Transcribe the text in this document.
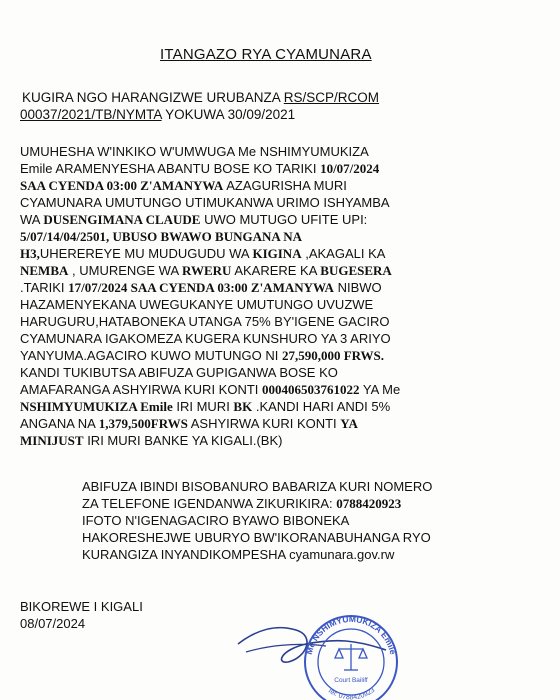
ITANGAZO RYA CYAMUNARA
KUGIRA NGO HARANGIZWE URUBANZA RS/SCP/RCOM
00037/2021/TB/NYMTA YOKUWA 30/09/2021
UMUHESHA W'INKIKO W'UMWUGA Me NSHIMYUMUKIZA
Emile ARAMENYESHA ABANTU BOSE KO TARIKI 10/07/2024
SAA CYENDA 03:00 Z'AMANYWA AZAGURISHA MURI
CYAMUNARA UMUTUNGO UTIMUKANWA URIMO ISHYAMBA
WA DUSENGIMANA CLAUDE UWO MUTUGO UFITE UPI:
5/07/14/04/2501, UBUSO BWAWO BUNGANA NA
H3,UHEREREYE MU MUDUGUDU WA KIGINA ,AKAGALI KA
NEMBA , UMURENGE WA RWERU AKARERE KA BUGESERA
.TARIKI 17/07/2024 SAA CYENDA 03:00 Z'AMANYWA NIBWO
HAZAMENYEKANA UWEGUKANYE UMUTUNGO UVUZWE
HARUGURU,HATABONEKA UTANGA 75% BY'IGENE GACIRO
CYAMUNARA IGAKOMEZA KUGERA KUNSHURO YA 3 ARIYO
YANYUMA.AGACIRO KUWO MUTUNGO NI 27,590,000 FRWS.
KANDI TUKIBUTSA ABIFUZA GUPIGANWA BOSE KO
AMAFARANGA ASHYIRWA KURI KONTI 000406503761022 YA Me
NSHIMYUMUKIZA Emile IRI MURI BK .KANDI HARI ANDI 5%
ANGANA NA 1,379,500FRWS ASHYIRWA KURI KONTI YA
MINIJUST IRI MURI BANKE YA KIGALI.(BK)
ABIFUZA IBINDI BISOBANURO BABARIZA KURI NOMERO
ZA TELEFONE IGENDANWA ZIKURIKIRA: 0788420923
IFOTO N'IGENAGACIRO BYAWO BIBONEKA
HAKORESHEJWE UBURYO BW'IKORANABUHANGA RYO
KURANGIZA INYANDIKOMPESHA cyamunara.gov.rw
BIKOREWE I KIGALI
08/07/2024
Me NSHIMYUMUKIZA Emile
Tel: 0788420923
Court Bailiff
